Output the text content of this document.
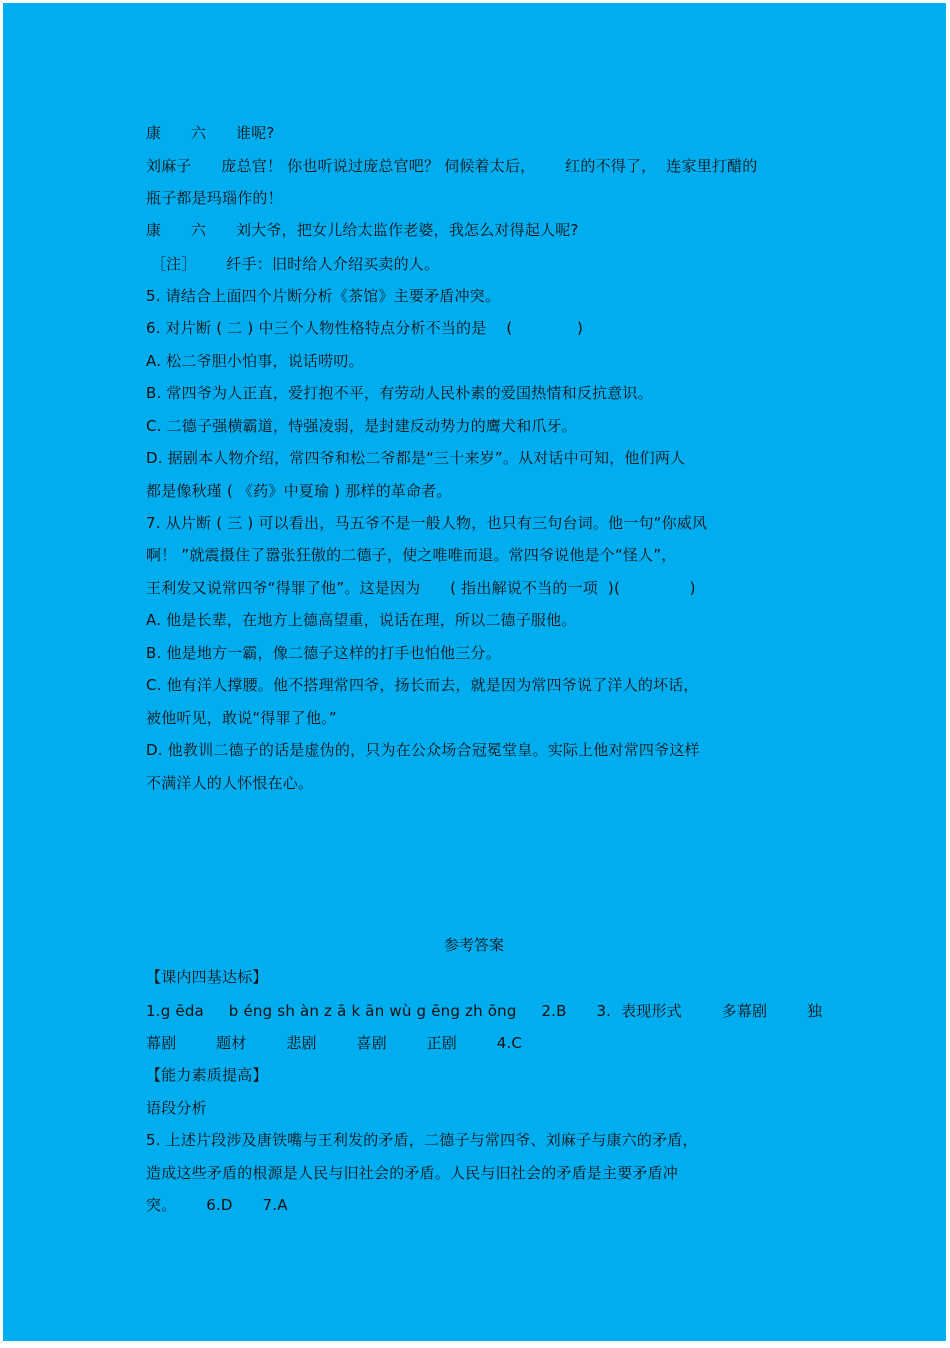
康      六      谁呢?
刘麻子      庞总官！ 你也听说过庞总官吧？ 伺候着太后，      红的不得了，  连家里打醋的
瓶子都是玛瑙作的！
康      六      刘大爷，把女儿给太监作老婆，我怎么对得起人呢?
［注］      纤手：旧时给人介绍买卖的人。
5. 请结合上面四个片断分析《茶馆》主要矛盾冲突。
6. 对片断 ( 二 ) 中三个人物性格特点分析不当的是    (             )
A. 松二爷胆小怕事，说话唠叨。
B. 常四爷为人正直，爱打抱不平，有劳动人民朴素的爱国热情和反抗意识。
C. 二德子强横霸道，恃强凌弱，是封建反动势力的鹰犬和爪牙。
D. 据剧本人物介绍，常四爷和松二爷都是“三十来岁”。从对话中可知，他们两人
都是像秋瑾 ( 《药》中夏瑜 ) 那样的革命者。
7. 从片断 ( 三 ) 可以看出，马五爷不是一般人物，也只有三句台词。他一句“你威风
啊！ ”就震摄住了嚣张狂傲的二德子，使之唯唯而退。常四爷说他是个“怪人”，
王利发又说常四爷“得罪了他”。这是因为      ( 指出解说不当的一项  )(              )
A. 他是长辈，在地方上德高望重，说话在理，所以二德子服他。
B. 他是地方一霸，像二德子这样的打手也怕他三分。
C. 他有洋人撑腰。他不搭理常四爷，扬长而去，就是因为常四爷说了洋人的坏话，
被他听见，敢说“得罪了他。”
D. 他教训二德子的话是虚伪的，只为在公众场合冠冕堂皇。实际上他对常四爷这样
不满洋人的人怀恨在心。
参考答案
【课内四基达标】
1.g ēda     b éng sh àn z ā k ān wù g ēng zh ōng     2.B      3.  表现形式        多幕剧        独
幕剧        题材        悲剧        喜剧        正剧        4.C
【能力素质提高】
语段分析
5. 上述片段涉及唐铁嘴与王利发的矛盾，二德子与常四爷、刘麻子与康六的矛盾，
造成这些矛盾的根源是人民与旧社会的矛盾。人民与旧社会的矛盾是主要矛盾冲
突。      6.D      7.A
